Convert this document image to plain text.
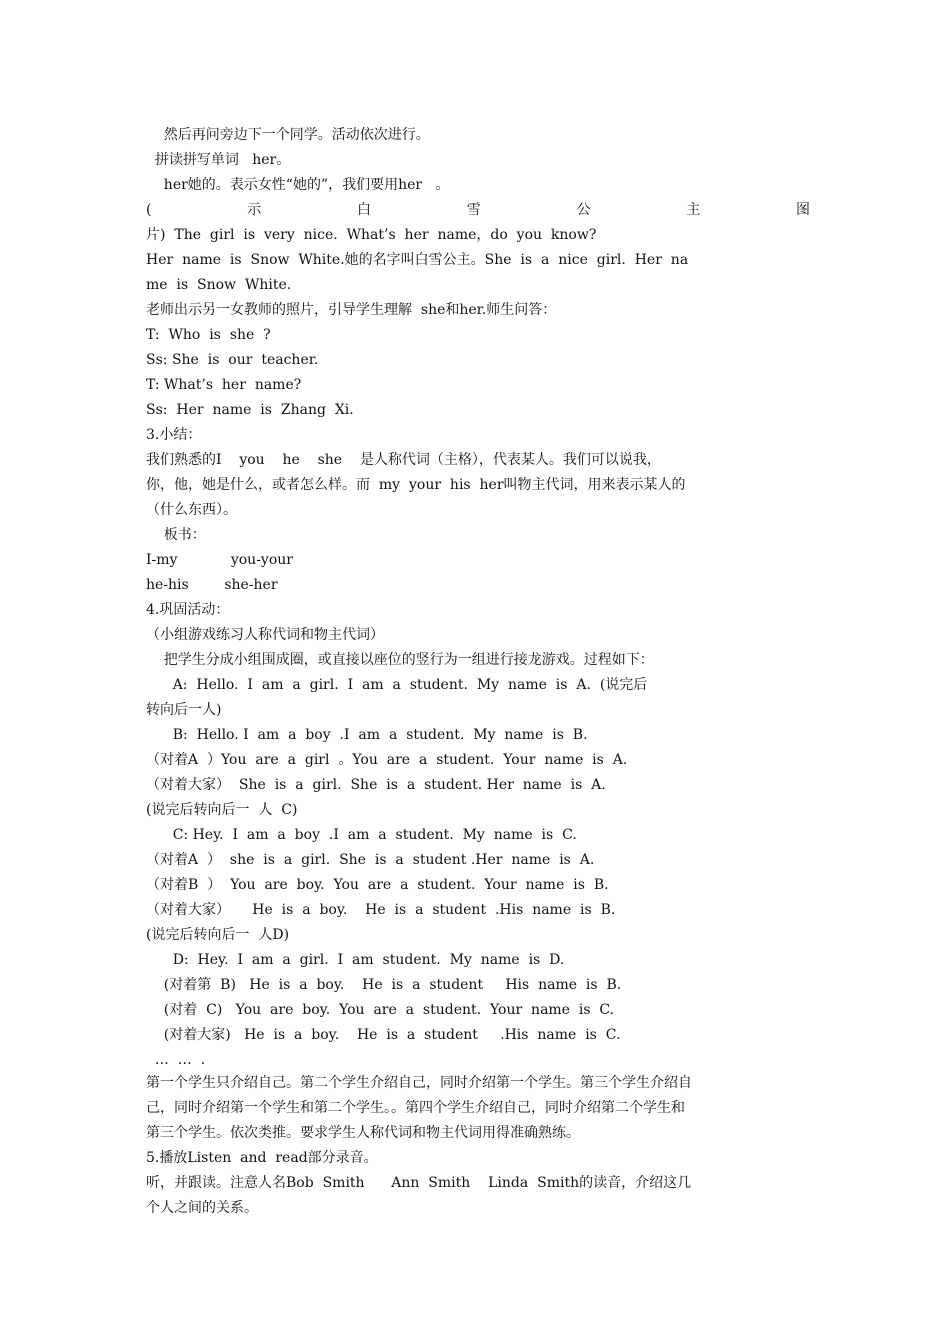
然后再问旁边下一个同学。活动依次进行。
拼读拼写单词   her。
her她的。表示女性“她的”，我们要用her   。
片)  The  girl  is  very  nice.  What’s  her  name，do  you  know?
Her  name  is  Snow  White.她的名字叫白雪公主。She  is  a  nice  girl.  Her  na
me  is  Snow  White.
老师出示另一女教师的照片，引导学生理解  she和her.师生问答：
T:  Who  is  she  ?
Ss: She  is  our  teacher.
T: What’s  her  name?
Ss:  Her  name  is  Zhang  Xi.
3.小结：
我们熟悉的I    you    he    she    是人称代词（主格），代表某人。我们可以说我，
你，他，她是什么，或者怎么样。而  my  your  his  her叫物主代词，用来表示某人的
（什么东西）。
板书：
I-my            you-your
he-his        she-her
4.巩固活动：
（小组游戏练习人称代词和物主代词）
把学生分成小组围成圈，或直接以座位的竖行为一组进行接龙游戏。过程如下：
A:  Hello.  I  am  a  girl.  I  am  a  student.  My  name  is  A.  (说完后
转向后一人)
B:  Hello. I  am  a  boy  .I  am  a  student.  My  name  is  B.
（对着A  ）You  are  a  girl  。You  are  a  student.  Your  name  is  A.
（对着大家）  She  is  a  girl.  She  is  a  student. Her  name  is  A.
(说完后转向后一  人  C)
C: Hey.  I  am  a  boy  .I  am  a  student.  My  name  is  C.
（对着A  ）  she  is  a  girl.  She  is  a  student .Her  name  is  A.
（对着B  ）  You  are  boy.  You  are  a  student.  Your  name  is  B.
（对着大家）     He  is  a  boy.    He  is  a  student  .His  name  is  B.
(说完后转向后一  人D)
D:  Hey.  I  am  a  girl.  I  am  student.  My  name  is  D.
(对着第  B)   He  is  a  boy.    He  is  a  student     His  name  is  B.
(对着  C)   You  are  boy.  You  are  a  student.  Your  name  is  C.
(对着大家)   He  is  a  boy.    He  is  a  student     .His  name  is  C.
…  …  .
第一个学生只介绍自己。第二个学生介绍自己，同时介绍第一个学生。第三个学生介绍自
己，同时介绍第一个学生和第二个学生。。第四个学生介绍自己，同时介绍第二个学生和
第三个学生。依次类推。要求学生人称代词和物主代词用得准确熟练。
5.播放Listen  and  read部分录音。
听，并跟读。注意人名Bob  Smith      Ann  Smith    Linda  Smith的读音，介绍这几
个人之间的关系。
(	示	白	雪	公	主	图
